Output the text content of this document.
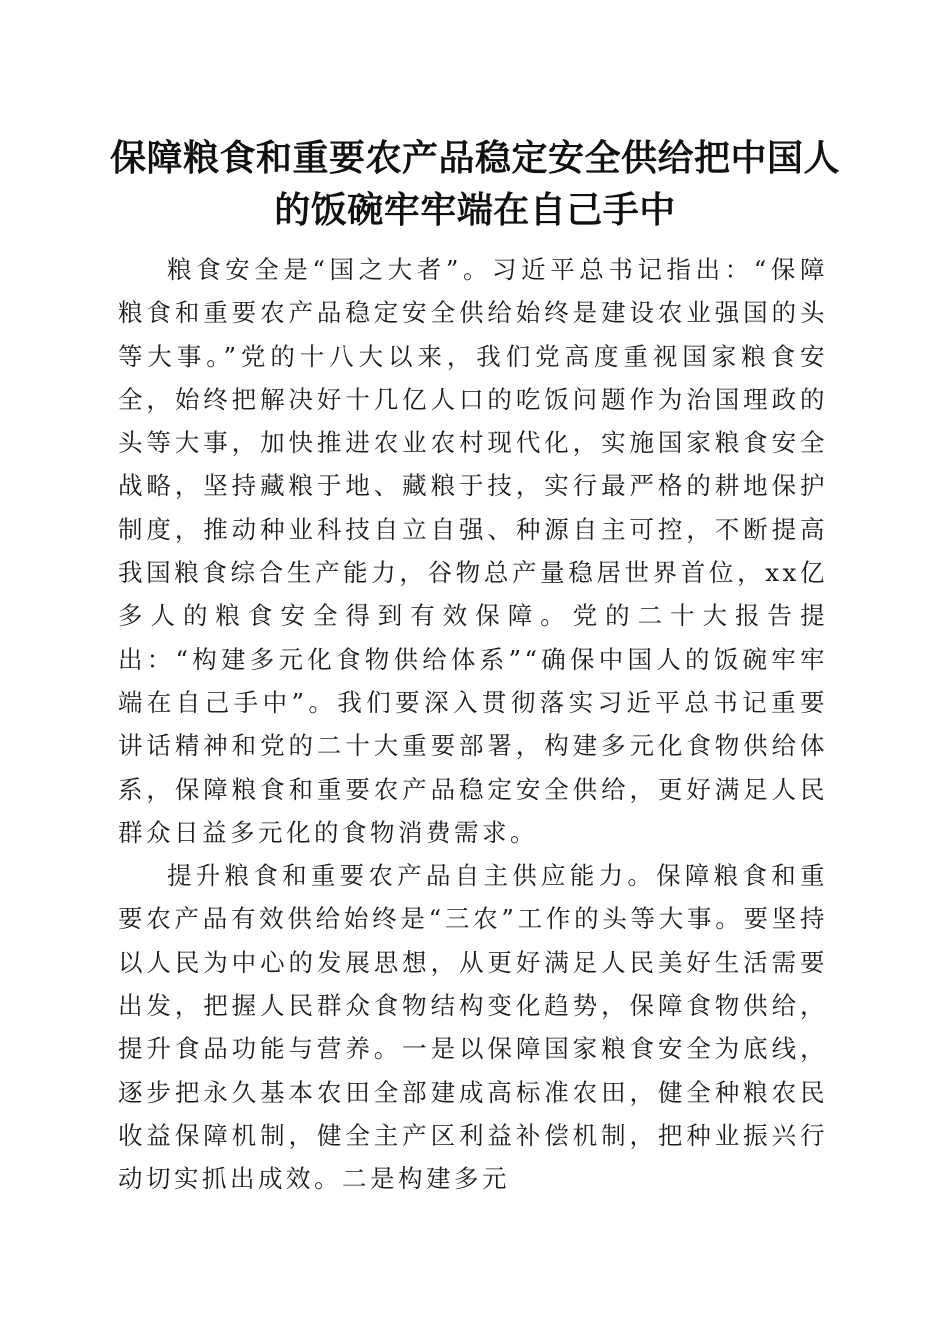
保障粮食和重要农产品稳定安全供给把中国人的饭碗牢牢端在自己手中

粮食安全是“国之大者”。习近平总书记指出：“保障粮食和重要农产品稳定安全供给始终是建设农业强国的头等大事。”党的十八大以来，我们党高度重视国家粮食安全，始终把解决好十几亿人口的吃饭问题作为治国理政的头等大事，加快推进农业农村现代化，实施国家粮食安全战略，坚持藏粮于地、藏粮于技，实行最严格的耕地保护制度，推动种业科技自立自强、种源自主可控，不断提高我国粮食综合生产能力，谷物总产量稳居世界首位，xx亿多人的粮食安全得到有效保障。党的二十大报告提出：“构建多元化食物供给体系”“确保中国人的饭碗牢牢端在自己手中”。我们要深入贯彻落实习近平总书记重要讲话精神和党的二十大重要部署，构建多元化食物供给体系，保障粮食和重要农产品稳定安全供给，更好满足人民群众日益多元化的食物消费需求。

提升粮食和重要农产品自主供应能力。保障粮食和重要农产品有效供给始终是“三农”工作的头等大事。要坚持以人民为中心的发展思想，从更好满足人民美好生活需要出发，把握人民群众食物结构变化趋势，保障食物供给，提升食品功能与营养。一是以保障国家粮食安全为底线，逐步把永久基本农田全部建成高标准农田，健全种粮农民收益保障机制，健全主产区利益补偿机制，把种业振兴行动切实抓出成效。二是构建多元
